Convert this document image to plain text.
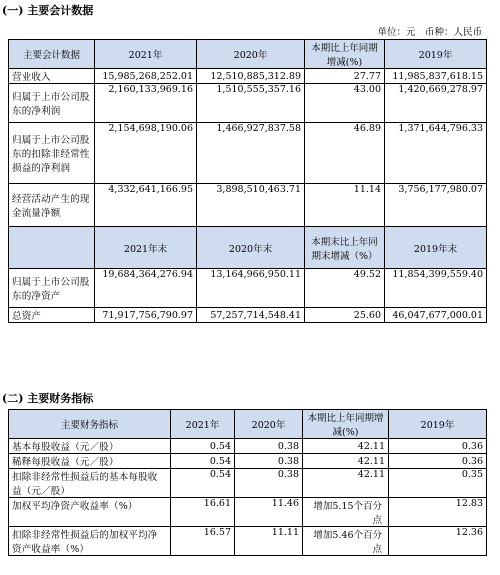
(一) 主要会计数据
单位：元　币种：人民币
主要会计数据	2021年	2020年	本期比上年同期增减(%)	2019年
营业收入	15,985,268,252.01	12,510,885,312.89	27.77	11,985,837,618.15
归属于上市公司股东的净利润	2,160,133,969.16	1,510,555,357.16	43.00	1,420,669,278.97
归属于上市公司股东的扣除非经常性损益的净利润	2,154,698,190.06	1,466,927,837.58	46.89	1,371,644,796.33
经营活动产生的现金流量净额	4,332,641,166.95	3,898,510,463.71	11.14	3,756,177,980.07
	2021年末	2020年末	本期末比上年同期末增减（%）	2019年末
归属于上市公司股东的净资产	19,684,364,276.94	13,164,966,950.11	49.52	11,854,399,559.40
总资产	71,917,756,790.97	57,257,714,548.41	25.60	46,047,677,000.01
(二) 主要财务指标
主要财务指标	2021年	2020年	本期比上年同期增减(%)	2019年
基本每股收益（元／股）	0.54	0.38	42.11	0.36
稀释每股收益（元／股）	0.54	0.38	42.11	0.36
扣除非经常性损益后的基本每股收益（元／股）	0.54	0.38	42.11	0.35
加权平均净资产收益率（%）	16.61	11.46	增加5.15个百分点	12.83
扣除非经常性损益后的加权平均净资产收益率（%）	16.57	11.11	增加5.46个百分点	12.36
